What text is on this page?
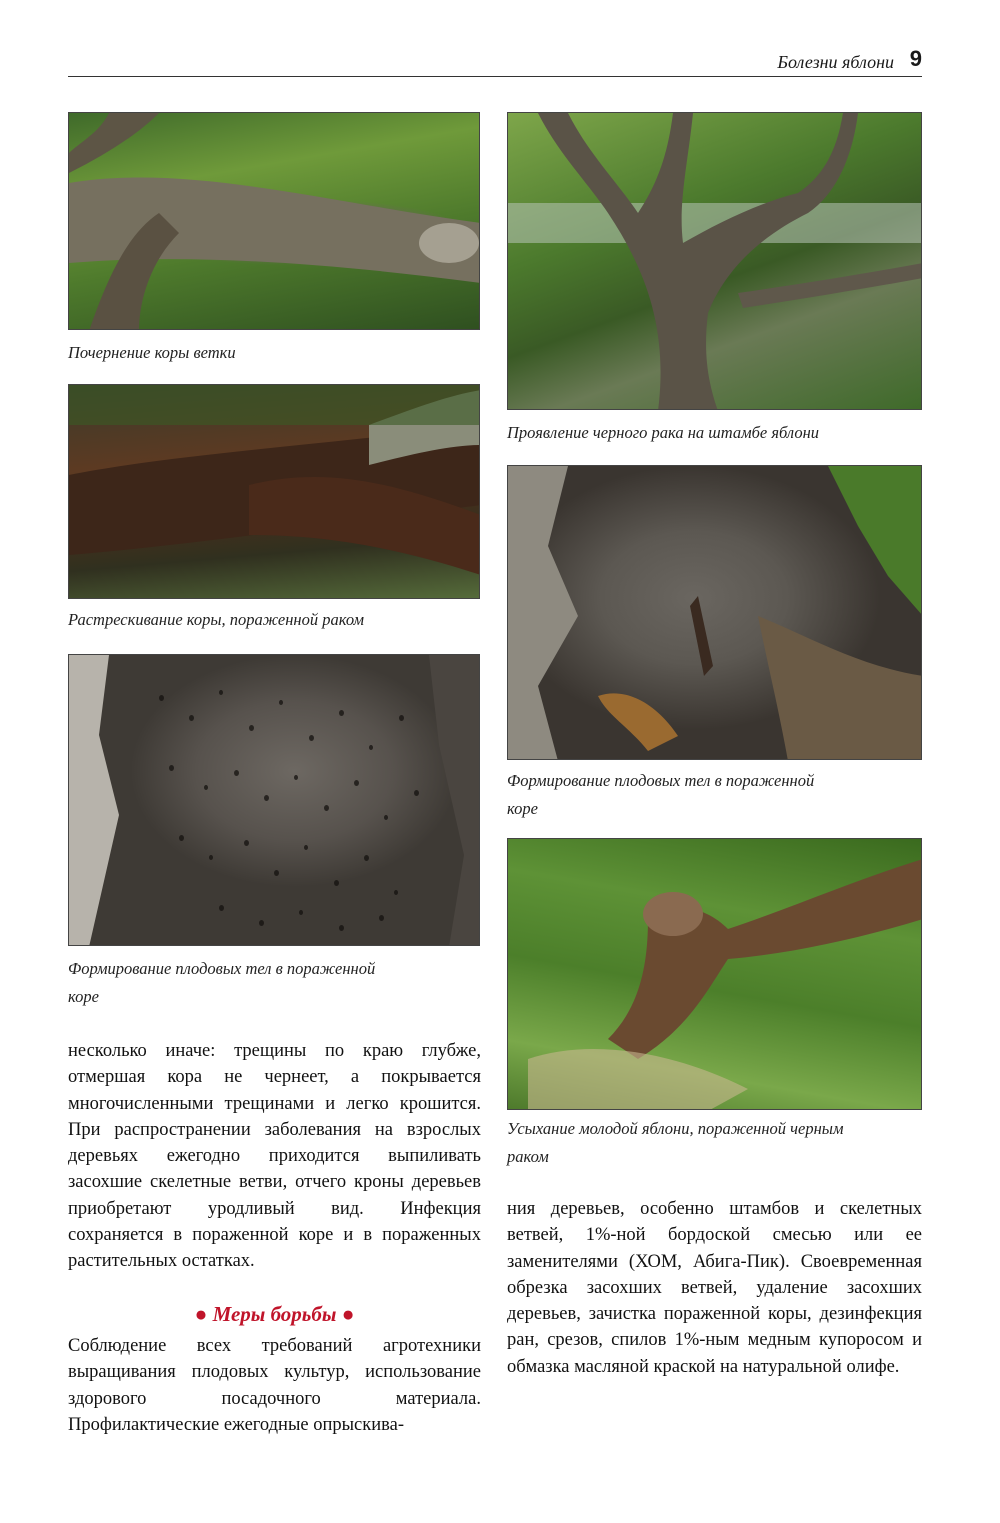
Болезни яблони 9
Почернение коры ветки
Растрескивание коры, пораженной раком
Формирование плодовых тел в пораженной
коре
Проявление черного рака на штамбе яблони
Формирование плодовых тел в пораженной
коре
Усыхание молодой яблони, пораженной черным
раком

несколько иначе: трещины по краю глубже, отмершая кора не чернеет, а покрывается многочисленными трещинами и легко крошится. При распространении заболевания на взрослых деревьях ежегодно приходится выпиливать засохшие скелетные ветви, отчего кроны деревьев приобретают уродливый вид. Инфекция сохраняется в пораженной коре и в пораженных растительных остатках.

● Меры борьбы ●

Соблюдение всех требований агротехники выращивания плодовых культур, использование здорового посадочного материала. Профилактические ежегодные опрыскива-

ния деревьев, особенно штамбов и скелетных ветвей, 1%-ной бордоской смесью или ее заменителями (ХОМ, Абига-Пик). Своевременная обрезка засохших ветвей, удаление засохших деревьев, зачистка пораженной коры, дезинфекция ран, срезов, спилов 1%-ным медным купоросом и обмазка масляной краской на натуральной олифе.
